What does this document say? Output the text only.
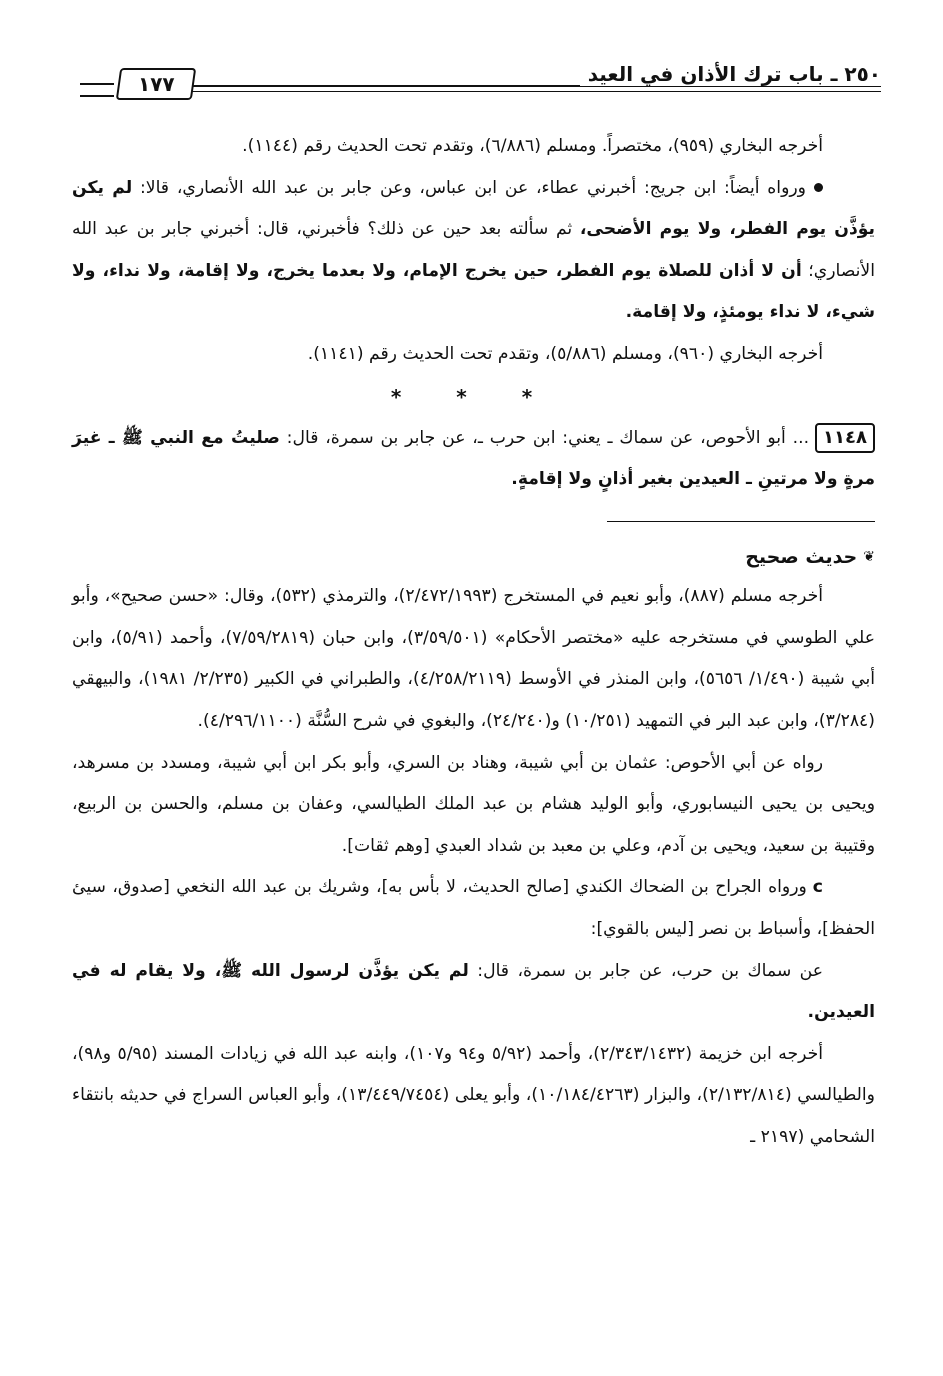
١٧٧	٢٥٠ ـ باب ترك الأذان في العيد

أخرجه البخاري (٩٥٩)، مختصراً. ومسلم (٦/٨٨٦)، وتقدم تحت الحديث رقم (١١٤٤).

ورواه أيضاً: ابن جريج: أخبرني عطاء، عن ابن عباس، وعن جابر بن عبد الله الأنصاري، قالا: لم يكن يؤذَّن يوم الفطر، ولا يوم الأضحى، ثم سألته بعد حين عن ذلك؟ فأخبرني، قال: أخبرني جابر بن عبد الله الأنصاري؛ أن لا أذان للصلاة يوم الفطر، حين يخرج الإمام، ولا بعدما يخرج، ولا إقامة، ولا نداء، ولا شيء، لا نداء يومئذٍ، ولا إقامة.

أخرجه البخاري (٩٦٠)، ومسلم (٥/٨٨٦)، وتقدم تحت الحديث رقم (١١٤١).

* * *

١١٤٨... أبو الأحوص، عن سماك ـ يعني: ابن حرب ـ، عن جابر بن سمرة، قال: صليتُ مع النبي ﷺ ـ غيرَ مرةٍ ولا مرتينِ ـ العيدين بغير أذانٍ ولا إقامةٍ.

❦حديث صحيح

أخرجه مسلم (٨٨٧)، وأبو نعيم في المستخرج (٢/٤٧٢/١٩٩٣)، والترمذي (٥٣٢)، وقال: «حسن صحيح»، وأبو علي الطوسي في مستخرجه عليه «مختصر الأحكام» (٣/٥٩/٥٠١)، وابن حبان (٧/٥٩/٢٨١٩)، وأحمد (٥/٩١)، وابن أبي شيبة (١/٤٩٠/ ٥٦٥٦)، وابن المنذر في الأوسط (٤/٢٥٨/٢١١٩)، والطبراني في الكبير (٢/٢٣٥/ ١٩٨١)، والبيهقي (٣/٢٨٤)، وابن عبد البر في التمهيد (١٠/٢٥١) و(٢٤/٢٤٠)، والبغوي في شرح السُّنَّة (٤/٢٩٦/١١٠٠).

رواه عن أبي الأحوص: عثمان بن أبي شيبة، وهناد بن السري، وأبو بكر ابن أبي شيبة، ومسدد بن مسرهد، ويحيى بن يحيى النيسابوري، وأبو الوليد هشام بن عبد الملك الطيالسي، وعفان بن مسلم، والحسن بن الربيع، وقتيبة بن سعيد، ويحيى بن آدم، وعلي بن معبد بن شداد العبدي [وهم ثقات].

cورواه الجراح بن الضحاك الكندي [صالح الحديث، لا بأس به]، وشريك بن عبد الله النخعي [صدوق، سيئ الحفظ]، وأسباط بن نصر [ليس بالقوي]:

عن سماك بن حرب، عن جابر بن سمرة، قال: لم يكن يؤذَّن لرسول الله ﷺ، ولا يقام له في العيدين.

أخرجه ابن خزيمة (٢/٣٤٣/١٤٣٢)، وأحمد (٥/٩٢ و٩٤ و١٠٧)، وابنه عبد الله في زيادات المسند (٥/٩٥ و٩٨)، والطيالسي (٢/١٣٢/٨١٤)، والبزار (١٠/١٨٤/٤٢٦٣)، وأبو يعلى (١٣/٤٤٩/٧٤٥٤)، وأبو العباس السراج في حديثه بانتقاء الشحامي (٢١٩٧ ـ
